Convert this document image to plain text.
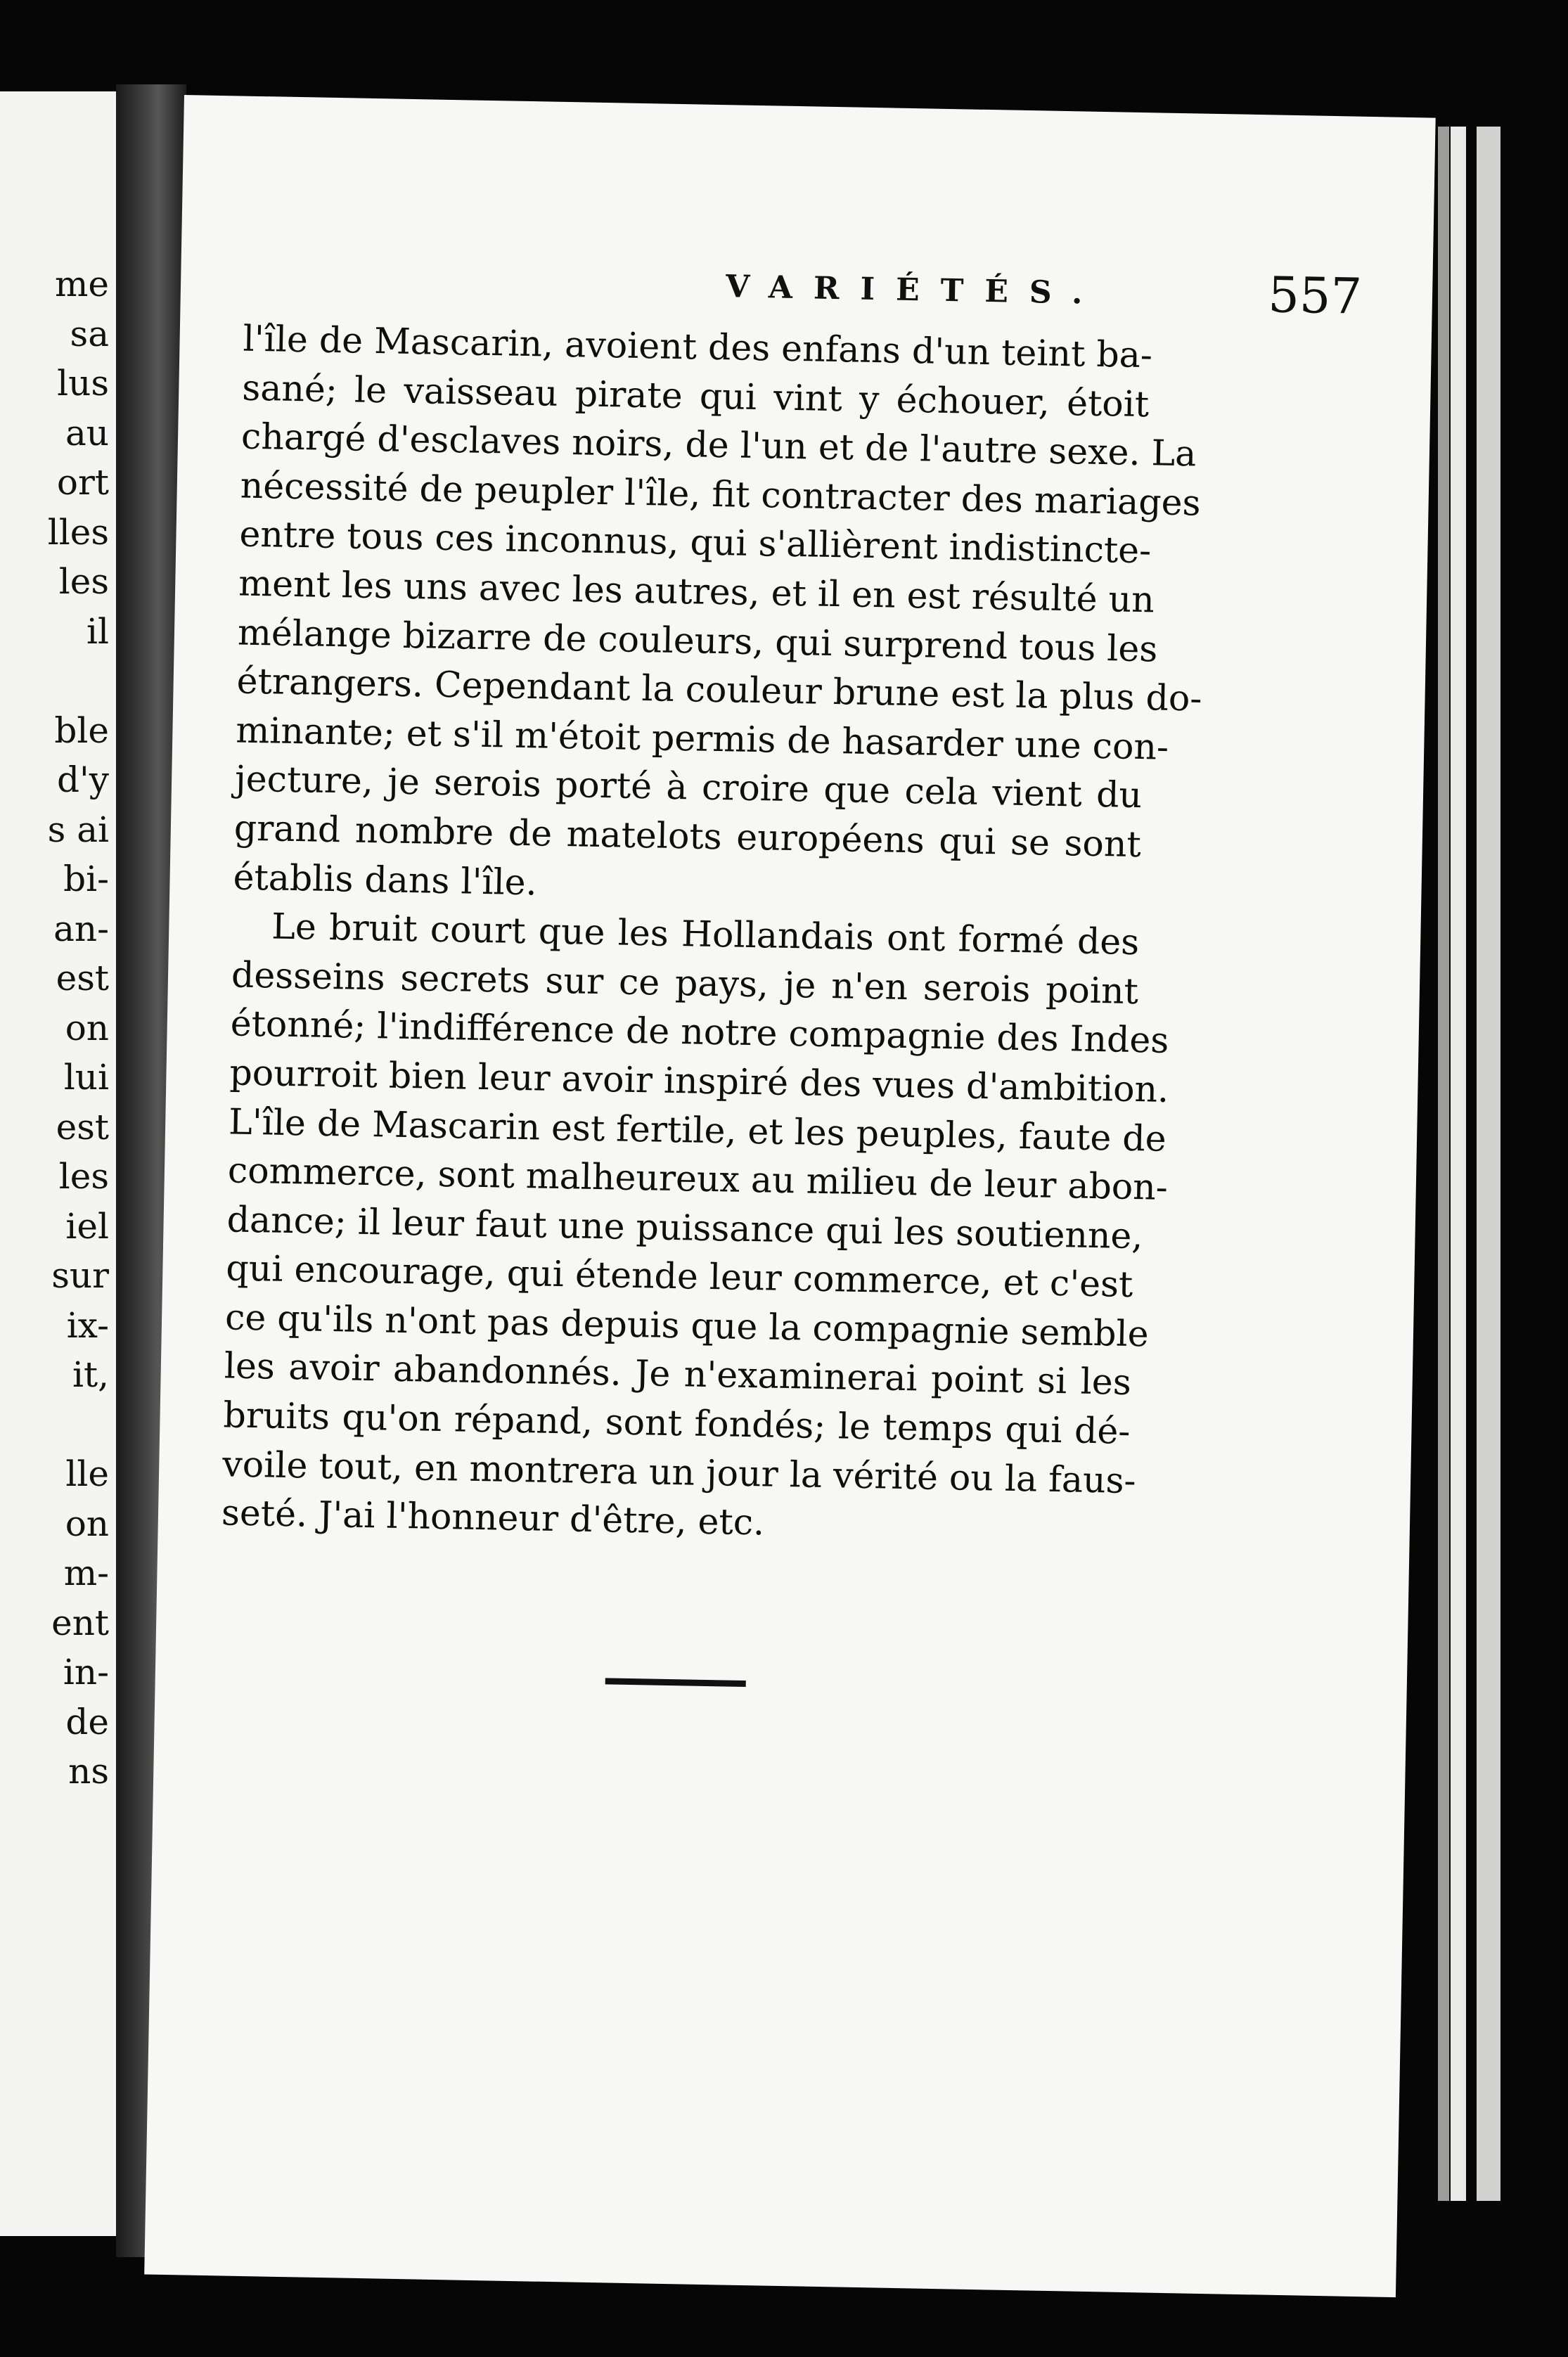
me
sa
lus
au
ort
lles
les
il
ble
d'y
s ai
bi-
an-
est
on
lui
est
les
iel
sur
ix-
it,
lle
on
m-
ent
in-
de
ns
VARIÉTÉS.	557
l'île de Mascarin, avoient des enfans d'un teint ba-
sané; le vaisseau pirate qui vint y échouer, étoit
chargé d'esclaves noirs, de l'un et de l'autre sexe. La
nécessité de peupler l'île, fit contracter des mariages
entre tous ces inconnus, qui s'allièrent indistincte-
ment les uns avec les autres, et il en est résulté un
mélange bizarre de couleurs, qui surprend tous les
étrangers. Cependant la couleur brune est la plus do-
minante; et s'il m'étoit permis de hasarder une con-
jecture, je serois porté à croire que cela vient du
grand nombre de matelots européens qui se sont
établis dans l'île.
Le bruit court que les Hollandais ont formé des
desseins secrets sur ce pays, je n'en serois point
étonné; l'indifférence de notre compagnie des Indes
pourroit bien leur avoir inspiré des vues d'ambition.
L'île de Mascarin est fertile, et les peuples, faute de
commerce, sont malheureux au milieu de leur abon-
dance; il leur faut une puissance qui les soutienne,
qui encourage, qui étende leur commerce, et c'est
ce qu'ils n'ont pas depuis que la compagnie semble
les avoir abandonnés. Je n'examinerai point si les
bruits qu'on répand, sont fondés; le temps qui dé-
voile tout, en montrera un jour la vérité ou la faus-
seté. J'ai l'honneur d'être, etc.
